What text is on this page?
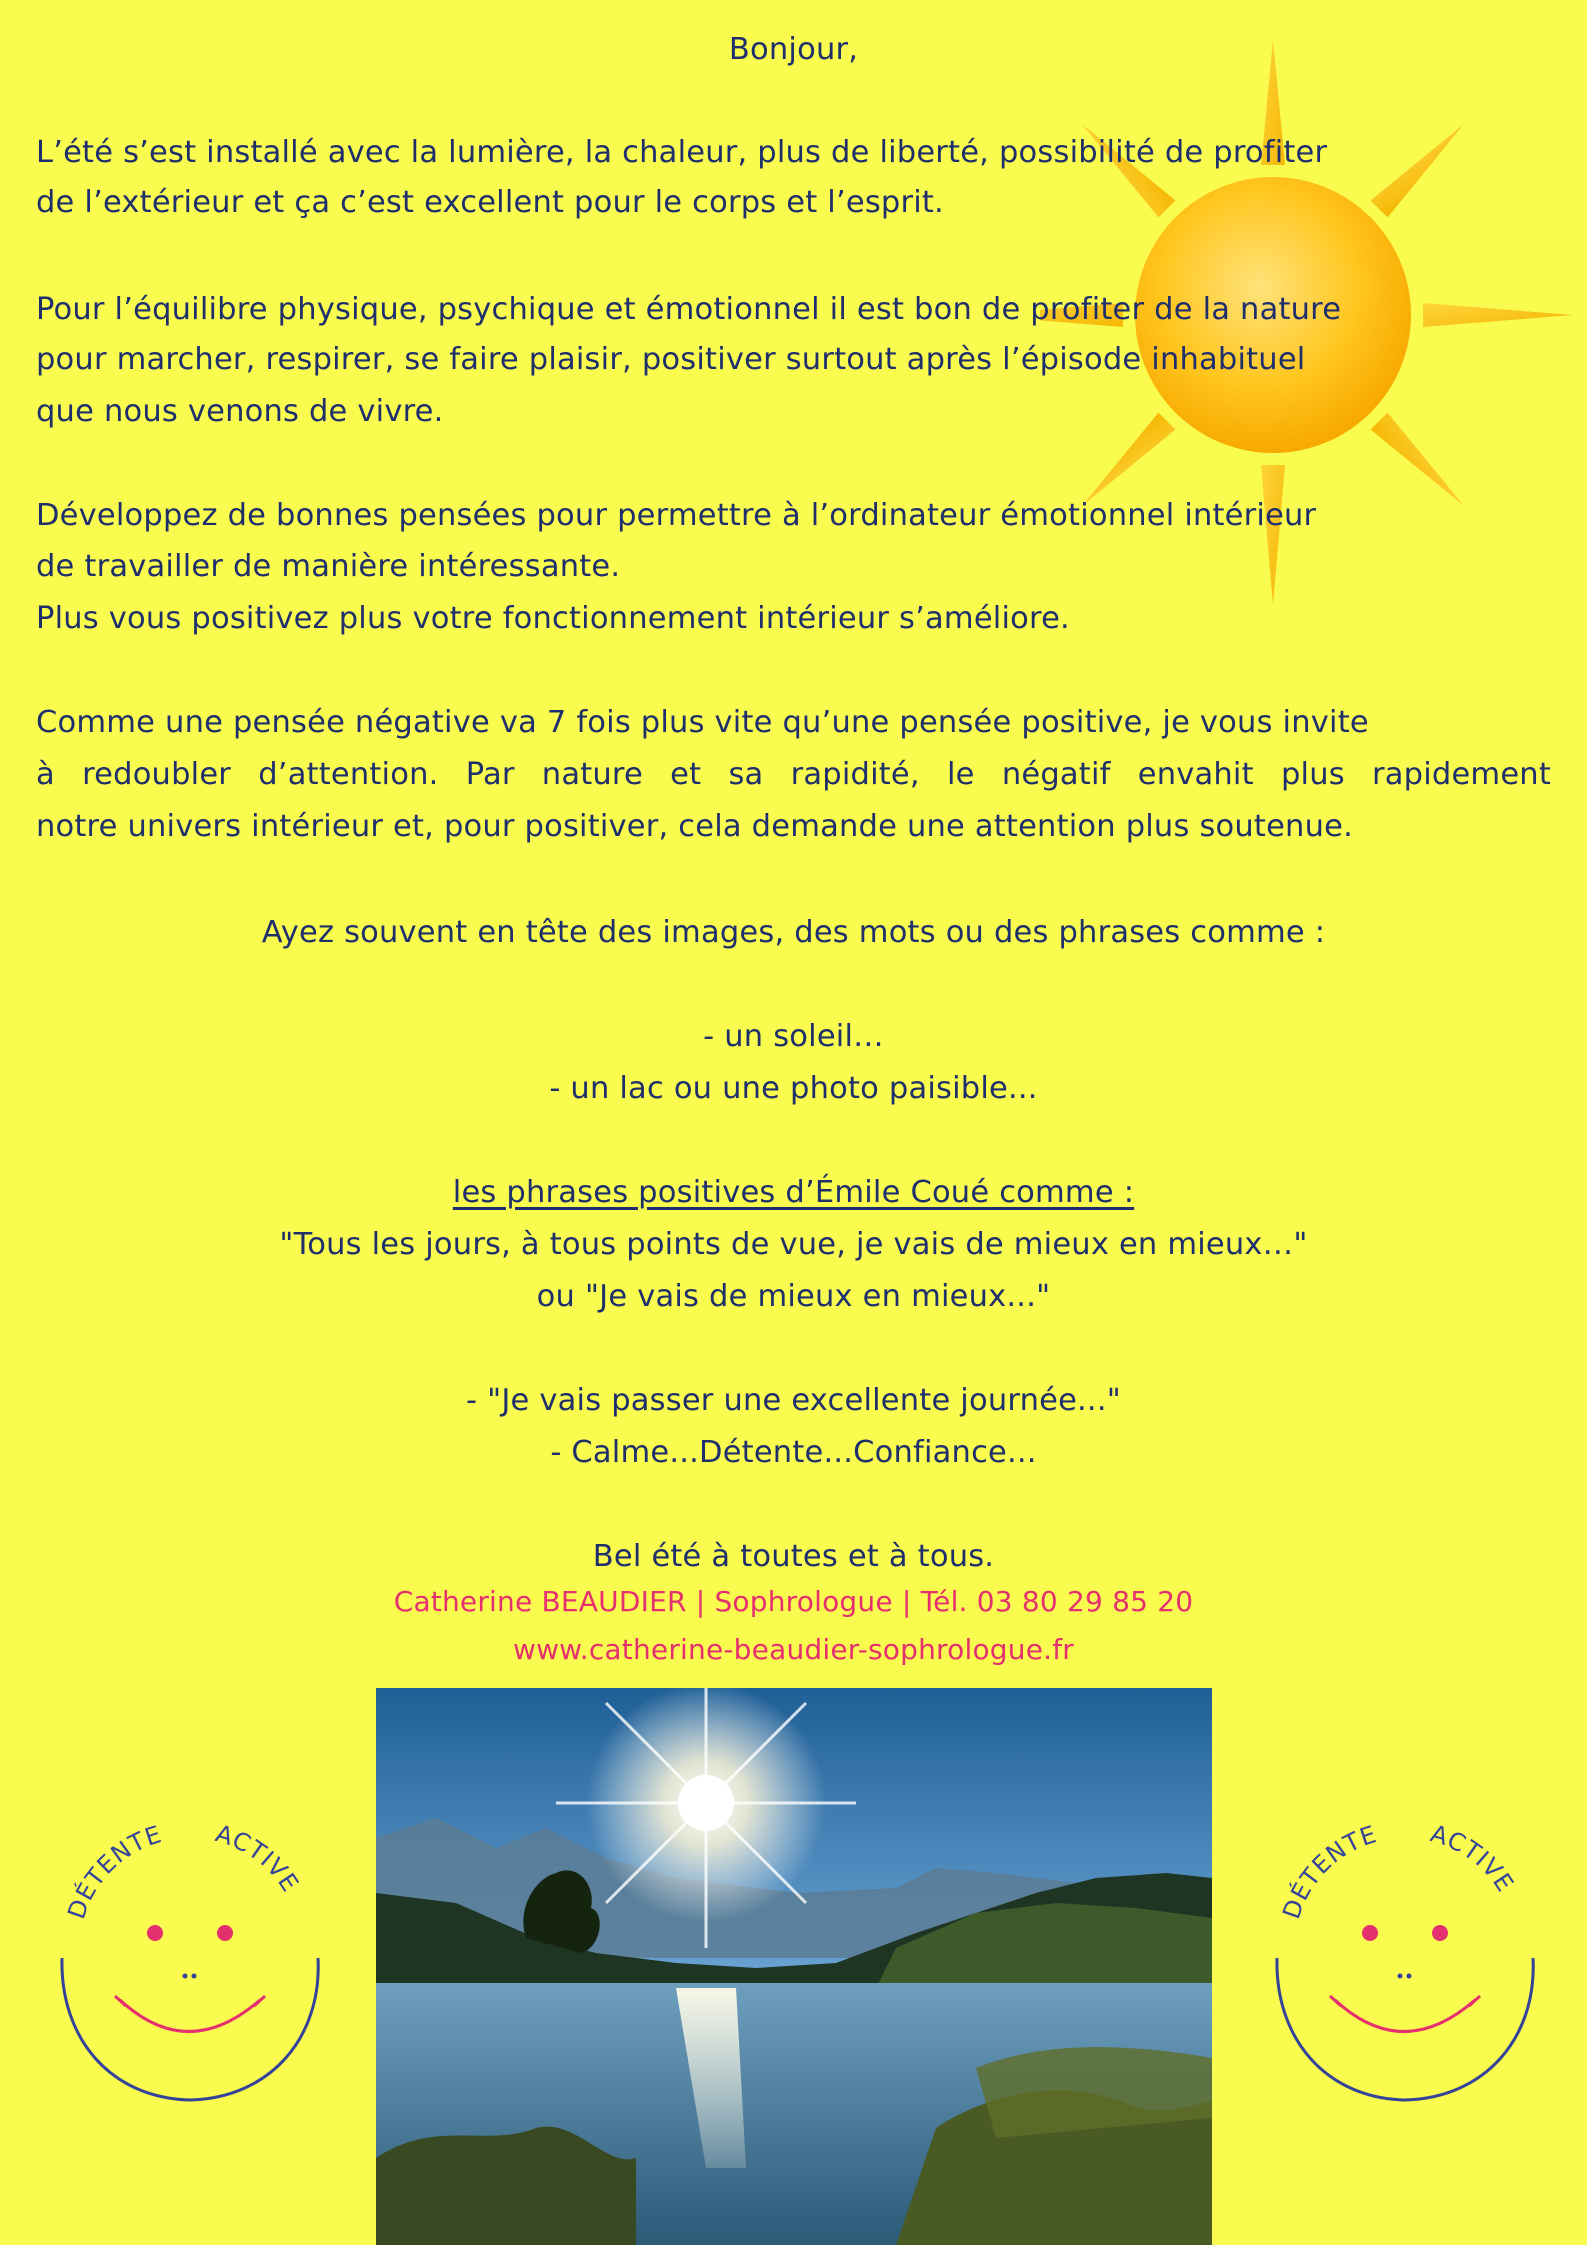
Bonjour,
L’été s’est installé avec la lumière, la chaleur, plus de liberté, possibilité de profiter
de l’extérieur et ça c’est excellent pour le corps et l’esprit.
Pour l’équilibre physique, psychique et émotionnel il est bon de profiter de la nature
pour marcher, respirer, se faire plaisir, positiver surtout après l’épisode inhabituel
que nous venons de vivre.
Développez de bonnes pensées pour permettre à l’ordinateur émotionnel intérieur
de travailler de manière intéressante.
Plus vous positivez plus votre fonctionnement intérieur s’améliore.
Comme une pensée négative va 7 fois plus vite qu’une pensée positive, je vous invite
à redoubler d’attention. Par nature et sa rapidité, le négatif envahit plus rapidement
notre univers intérieur et, pour positiver, cela demande une attention plus soutenue.
Ayez souvent en tête des images, des mots ou des phrases comme :
- un soleil…
- un lac ou une photo paisible...
les phrases positives d’Émile Coué comme :
"Tous les jours, à tous points de vue, je vais de mieux en mieux…"
ou "Je vais de mieux en mieux..."
- "Je vais passer une excellente journée..."
- Calme...Détente...Confiance...
Bel été à toutes et à tous.
Catherine BEAUDIER | Sophrologue | Tél. 03 80 29 85 20
www.catherine-beaudier-sophrologue.fr
DÉTENTE ACTIVE
DÉTENTE ACTIVE
